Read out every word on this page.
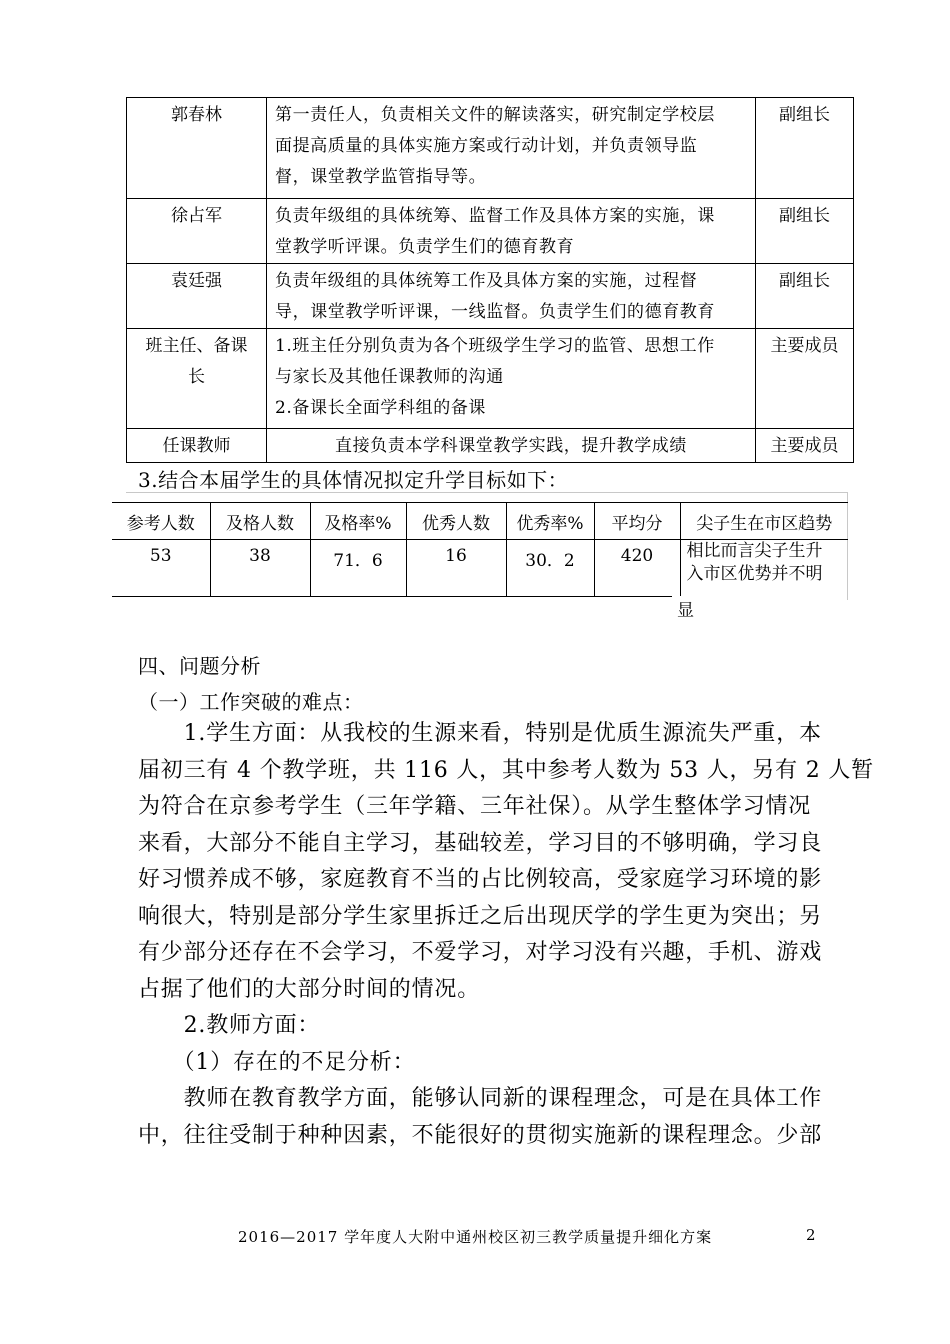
郭春林	第一责任人，负责相关文件的解读落实，研究制定学校层
面提高质量的具体实施方案或行动计划，并负责领导监
督，课堂教学监管指导等。	副组长
徐占军	负责年级组的具体统筹、监督工作及具体方案的实施，课
堂教学听评课。负责学生们的德育教育	副组长
袁廷强	负责年级组的具体统筹工作及具体方案的实施，过程督
导，课堂教学听评课，一线监督。负责学生们的德育教育	副组长

班主任、备课
长	1.班主任分别负责为各个班级学生学习的监管、思想工作
与家长及其他任课教师的沟通
2.备课长全面学科组的备课	主要成员
任课教师	直接负责本学科课堂教学实践，提升教学成绩	主要成员
3.结合本届学生的具体情况拟定升学目标如下：
参考人数	及格人数	及格率%	优秀人数	优秀率%	平均分	尖子生在市区趋势
53	38	71．6	16	30．2	420	相比而言尖子生升
入市区优势并不明
显
四、问题分析
（一）工作突破的难点：
　　1.学生方面：从我校的生源来看，特别是优质生源流失严重，本
届初三有 4 个教学班，共 116 人，其中参考人数为 53 人，另有 2 人暂
为符合在京参考学生（三年学籍、三年社保）。从学生整体学习情况
来看，大部分不能自主学习，基础较差，学习目的不够明确，学习良
好习惯养成不够，家庭教育不当的占比例较高，受家庭学习环境的影
响很大，特别是部分学生家里拆迁之后出现厌学的学生更为突出；另
有少部分还存在不会学习，不爱学习，对学习没有兴趣，手机、游戏
占据了他们的大部分时间的情况。
　　2.教师方面：
　　（1）存在的不足分析：
　　教师在教育教学方面，能够认同新的课程理念，可是在具体工作
中，往往受制于种种因素，不能很好的贯彻实施新的课程理念。少部
2016—2017 学年度人大附中通州校区初三教学质量提升细化方案	2
